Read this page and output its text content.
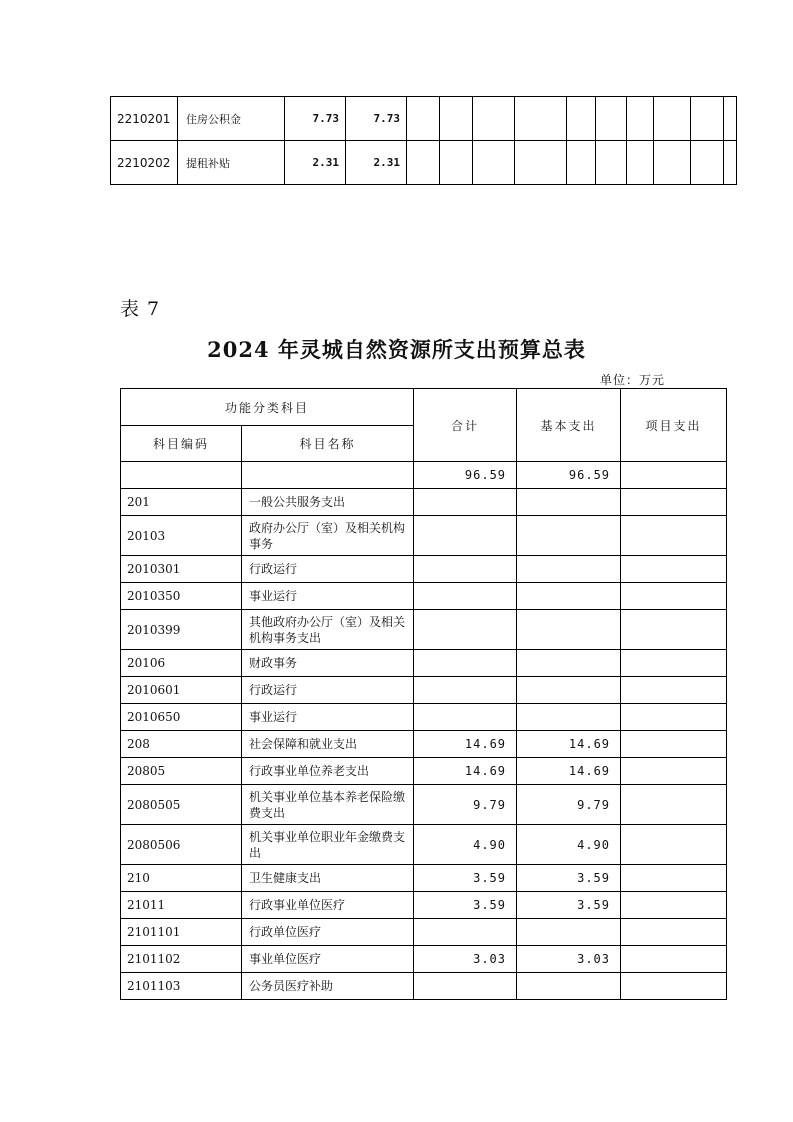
2210201	住房公积金	7.73	7.73										
2210202	提租补贴	2.31	2.31										
表 7
2024 年灵城自然资源所支出预算总表
单位：万元
功能分类科目		合计	基本支出	项目支出
科目编码	科目名称			
		96.59	96.59	
201	一般公共服务支出			
20103	政府办公厅（室）及相关机构事务			
2010301	行政运行			
2010350	事业运行			
2010399	其他政府办公厅（室）及相关机构事务支出			
20106	财政事务			
2010601	行政运行			
2010650	事业运行			
208	社会保障和就业支出	14.69	14.69	
20805	行政事业单位养老支出	14.69	14.69	
2080505	机关事业单位基本养老保险缴费支出	9.79	9.79	
2080506	机关事业单位职业年金缴费支出	4.90	4.90	
210	卫生健康支出	3.59	3.59	
21011	行政事业单位医疗	3.59	3.59	
2101101	行政单位医疗			
2101102	事业单位医疗	3.03	3.03	
2101103	公务员医疗补助			
